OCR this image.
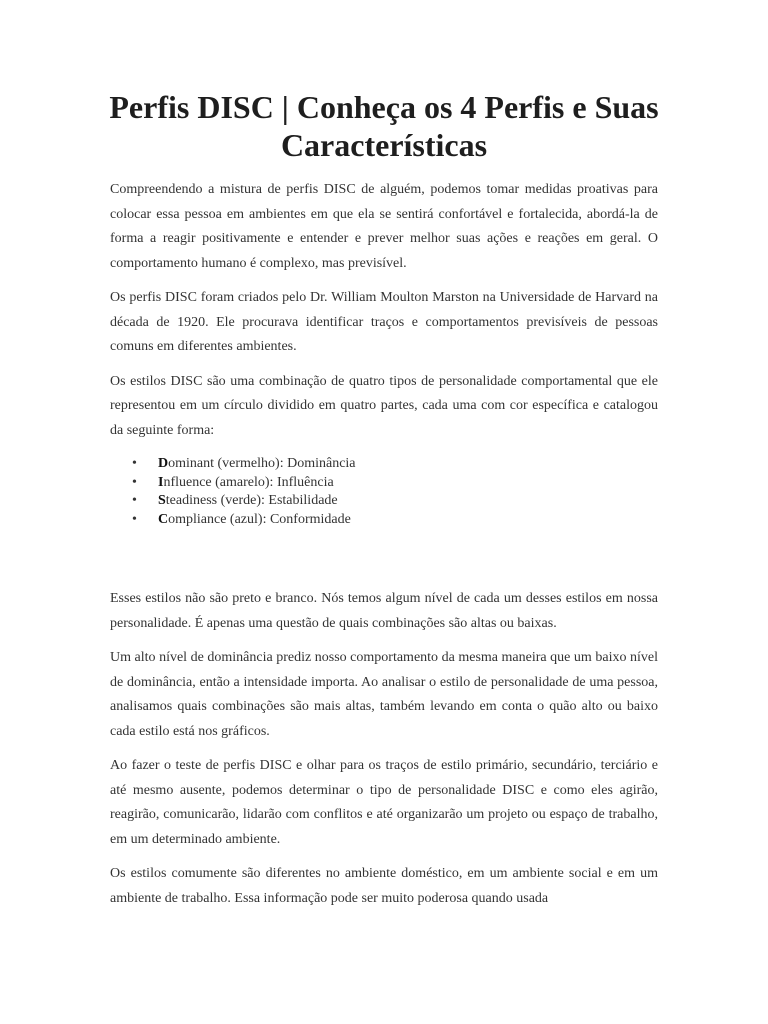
Perfis DISC | Conheça os 4 Perfis e Suas Características

Compreendendo a mistura de perfis DISC de alguém, podemos tomar medidas proativas para colocar essa pessoa em ambientes em que ela se sentirá confortável e fortalecida, abordá-la de forma a reagir positivamente e entender e prever melhor suas ações e reações em geral. O comportamento humano é complexo, mas previsível.

Os perfis DISC foram criados pelo Dr. William Moulton Marston na Universidade de Harvard na década de 1920. Ele procurava identificar traços e comportamentos previsíveis de pessoas comuns em diferentes ambientes.

Os estilos DISC são uma combinação de quatro tipos de personalidade comportamental que ele representou em um círculo dividido em quatro partes, cada uma com cor específica e catalogou da seguinte forma:

• Dominant (vermelho): Dominância
• Influence (amarelo): Influência
• Steadiness (verde): Estabilidade
• Compliance (azul): Conformidade

Esses estilos não são preto e branco. Nós temos algum nível de cada um desses estilos em nossa personalidade. É apenas uma questão de quais combinações são altas ou baixas.

Um alto nível de dominância prediz nosso comportamento da mesma maneira que um baixo nível de dominância, então a intensidade importa. Ao analisar o estilo de personalidade de uma pessoa, analisamos quais combinações são mais altas, também levando em conta o quão alto ou baixo cada estilo está nos gráficos.

Ao fazer o teste de perfis DISC e olhar para os traços de estilo primário, secundário, terciário e até mesmo ausente, podemos determinar o tipo de personalidade DISC e como eles agirão, reagirão, comunicarão, lidarão com conflitos e até organizarão um projeto ou espaço de trabalho, em um determinado ambiente.

Os estilos comumente são diferentes no ambiente doméstico, em um ambiente social e em um ambiente de trabalho. Essa informação pode ser muito poderosa quando usada
